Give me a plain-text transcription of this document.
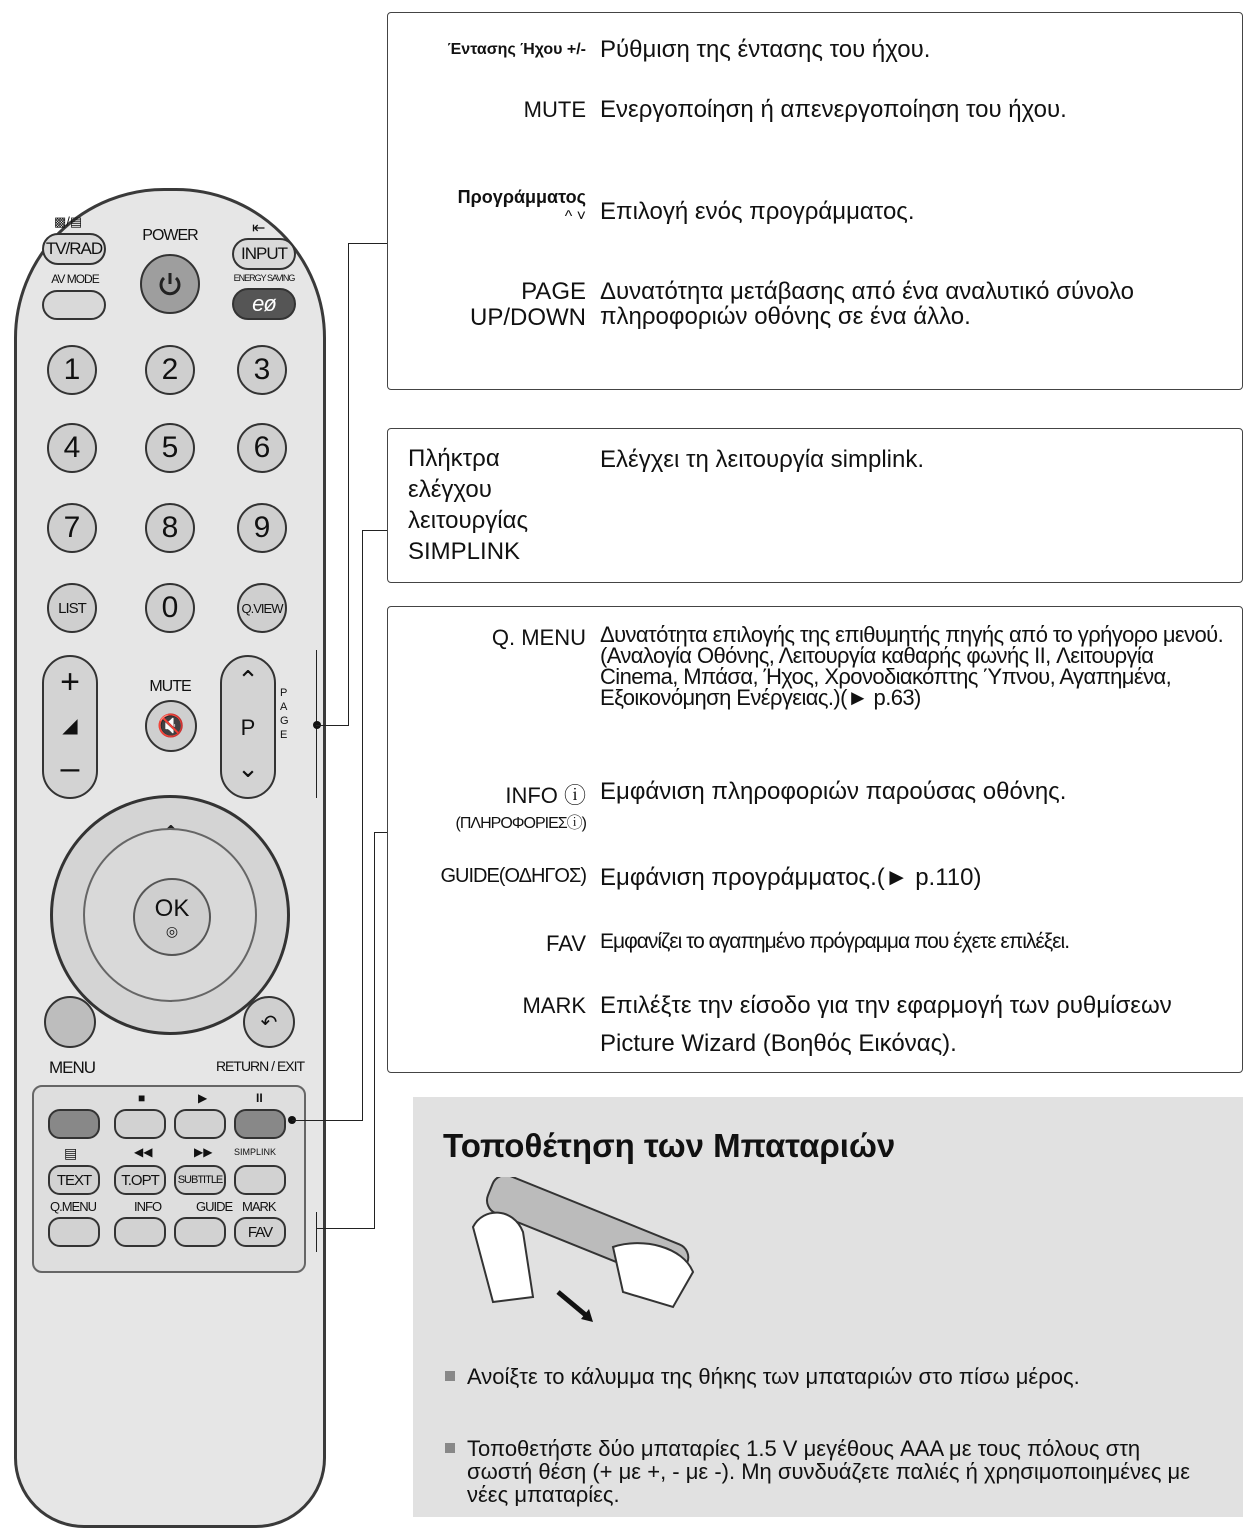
▩/▤
TV/RAD
AV MODE
POWER	⇤
INPUT
ENERGY SAVING
eø
1	2	3
4	5	6
7	8	9
LIST	0	Q.VIEW
+
◢
–
MUTE
🔇
⌃
P
⌄
PAGE
OK
◎
MENU
↶
RETURN / EXIT
■	▶	II
▤	◀◀	▶▶ SIMPLINK
TEXT T.OPT SUBTITLE
Q.MENU	INFO	GUIDE MARK
FAV
Έντασης Ήχου +/- Ρύθμιση της έντασης του ήχου.
MUTE Ενεργοποίηση ή απενεργοποίηση του ήχου.
Προγράμματος
^ ˅ Επιλογή ενός προγράμματος.
PAGE
UP/DOWN
Δυνατότητα μετάβασης από ένα αναλυτικό σύνολο πληροφοριών οθόνης σε ένα άλλο.
Πλήκτρα ελέγχου λειτουργίας SIMPLINK
Ελέγχει τη λειτουργία simplink.
Q. MENU Δυνατότητα επιλογής της επιθυμητής πηγής από το γρήγορο μενού.(Αναλογία Οθόνης, Λειτουργία καθαρής φωνής II, Λειτουργία Cinema, Μπάσα, Ήχος, Χρονοδιακόπτης Ύπνου, Αγαπημένα, Εξοικονόμηση Ενέργειας.)(► p.63)
INFO ⓘ
(ΠΛΗΡΟΦΟΡΙΕΣⓘ)
Εμφάνιση πληροφοριών παρούσας οθόνης.
GUIDE(ΟΔΗΓΟΣ) Εμφάνιση προγράμματος.(► p.110)
FAV Εμφανίζει το αγαπημένο πρόγραμμα που έχετε επιλέξει.
MARK Επιλέξτε την είσοδο για την εφαρμογή των ρυθμίσεων Picture Wizard (Βοηθός Εικόνας).
Τοποθέτηση των Μπαταριών
Ανοίξτε το κάλυμμα της θήκης των μπαταριών στο πίσω μέρος.
Τοποθετήστε δύο μπαταρίες 1.5 V μεγέθους AAA με τους πόλους στη σωστή θέση (+ με +, - με -). Μη συνδυάζετε παλιές ή χρησιμοποιημένες με νέες μπαταρίες.
